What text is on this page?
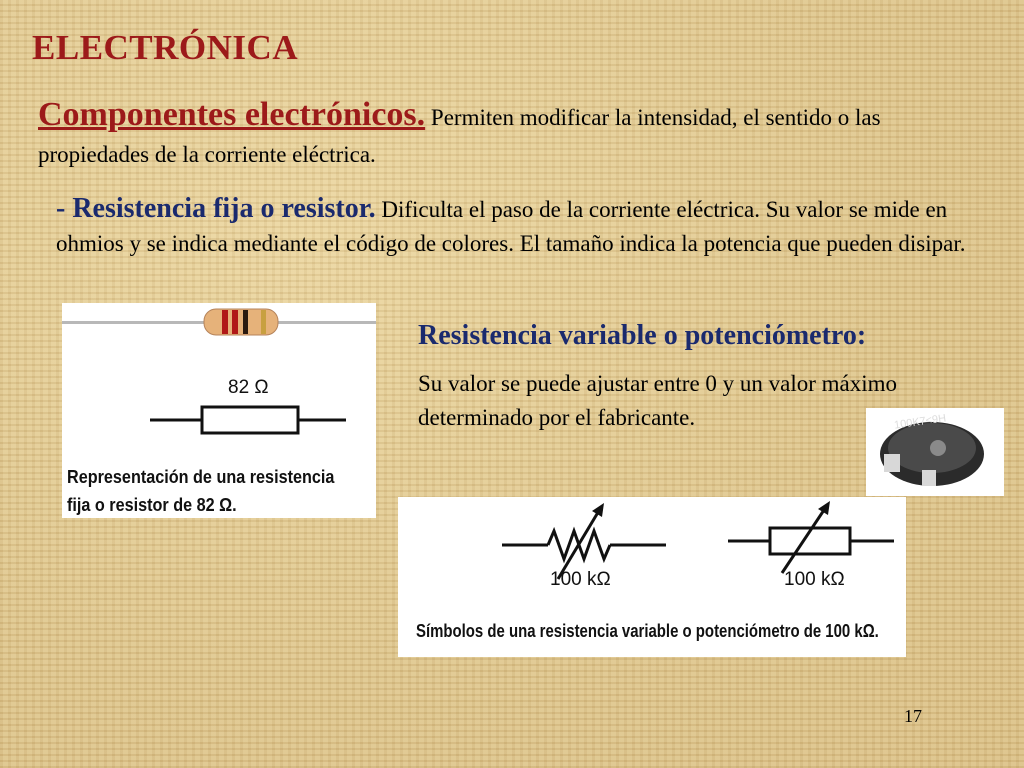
ELECTRÓNICA
Componentes electrónicos. Permiten modificar la intensidad, el sentido o las propiedades de la corriente eléctrica.
- Resistencia fija o resistor. Dificulta el paso de la corriente eléctrica. Su valor se mide en ohmios y se indica mediante el código de colores. El tamaño indica la potencia que pueden disipar.
82 Ω
Representación de una resistencia fija o resistor de 82 Ω.
Resistencia variable o potenciómetro:
Su valor se puede ajustar entre 0 y un valor máximo determinado por el fabricante.	100K7<9H
100 kΩ	100 kΩ
Símbolos de una resistencia variable o potenciómetro de 100 kΩ.
17
